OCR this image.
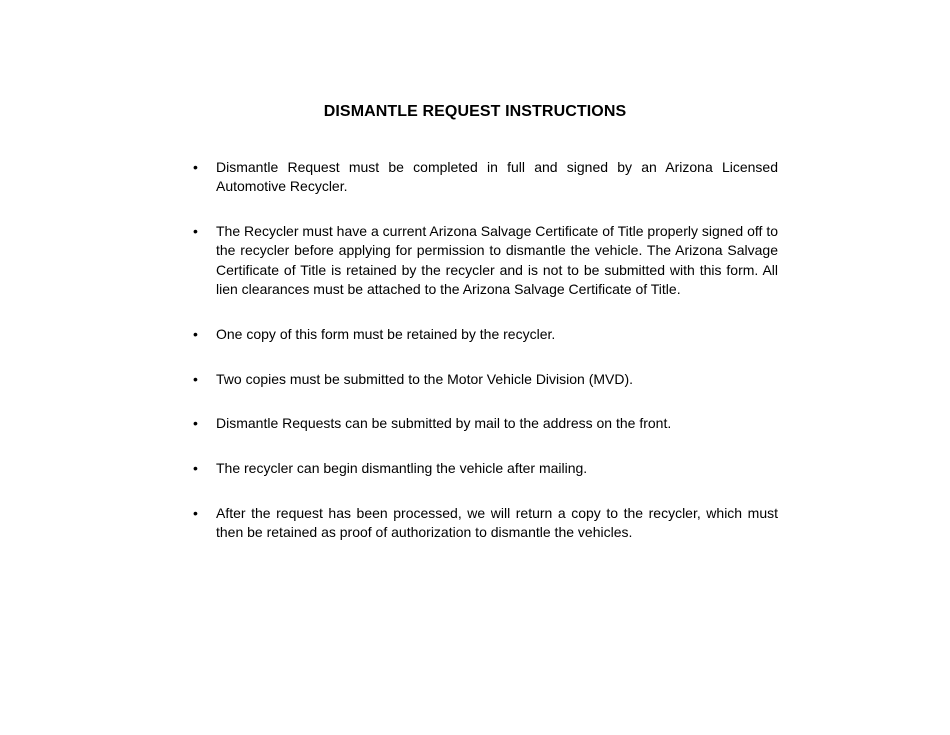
DISMANTLE REQUEST INSTRUCTIONS
•	Dismantle Request must be completed in full and signed by an Arizona Licensed Automotive Recycler.
•	The Recycler must have a current Arizona Salvage Certificate of Title properly signed off to the recycler before applying for permission to dismantle the vehicle. The Arizona Salvage Certificate of Title is retained by the recycler and is not to be submitted with this form. All lien clearances must be attached to the Arizona Salvage Certificate of Title.
•	One copy of this form must be retained by the recycler.
•	Two copies must be submitted to the Motor Vehicle Division (MVD).
•	Dismantle Requests can be submitted by mail to the address on the front.
•	The recycler can begin dismantling the vehicle after mailing.
•	After the request has been processed, we will return a copy to the recycler, which must then be retained as proof of authorization to dismantle the vehicles.
